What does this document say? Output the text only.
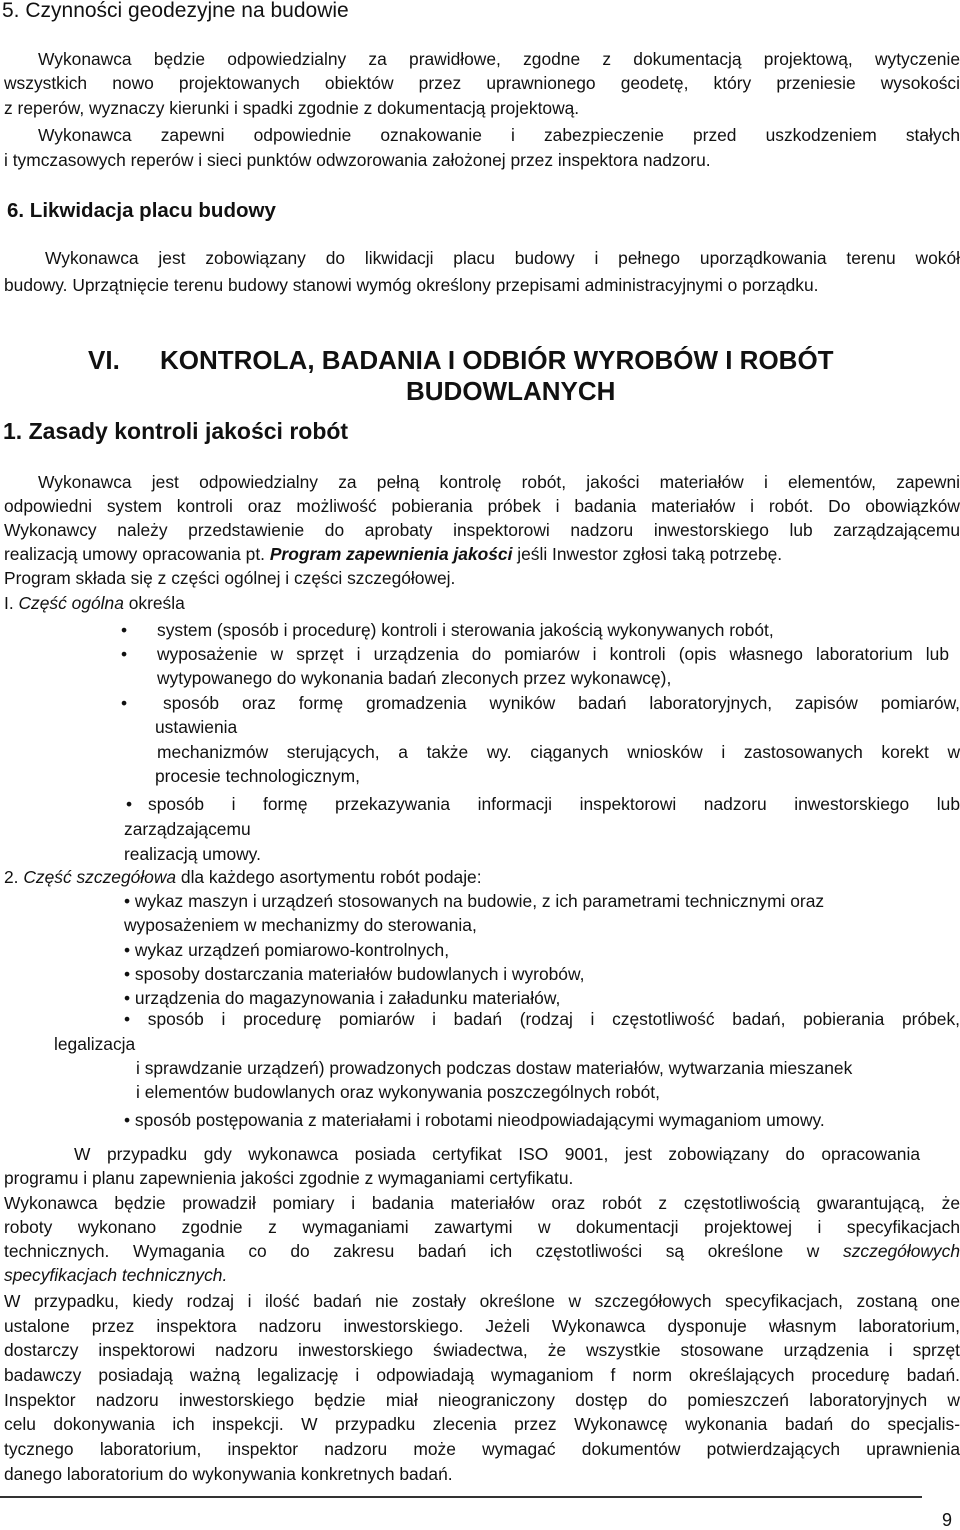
5. Czynności geodezyjne na budowie
Wykonawca będzie odpowiedzialny za prawidłowe, zgodne z dokumentacją projektową, wytyczenie
wszystkich nowo projektowanych obiektów przez uprawnionego geodetę, który przeniesie wysokości
z reperów, wyznaczy kierunki i spadki zgodnie z dokumentacją projektową.
Wykonawca zapewni odpowiednie oznakowanie i zabezpieczenie przed uszkodzeniem stałych
i tymczasowych reperów i sieci punktów odwzorowania założonej przez inspektora nadzoru.
6. Likwidacja placu budowy
Wykonawca jest zobowiązany do likwidacji placu budowy i pełnego uporządkowania terenu wokół
budowy. Uprzątnięcie terenu budowy stanowi wymóg określony przepisami administracyjnymi o porządku.
VI. KONTROLA, BADANIA I ODBIÓR WYROBÓW I ROBÓT
BUDOWLANYCH
1. Zasady kontroli jakości robót
Wykonawca jest odpowiedzialny za pełną kontrolę robót, jakości materiałów i elementów, zapewni
odpowiedni system kontroli oraz możliwość pobierania próbek i badania materiałów i robót. Do obowiązków
Wykonawcy należy przedstawienie do aprobaty inspektorowi nadzoru inwestorskiego lub zarządzającemu
realizacją umowy opracowania pt. Program zapewnienia jakości jeśli Inwestor zgłosi taką potrzebę.
Program składa się z części ogólnej i części szczegółowej.
I. Część ogólna określa
• system (sposób i procedurę) kontroli i sterowania jakością wykonywanych robót,
• wyposażenie w sprzęt i urządzenia do pomiarów i kontroli (opis własnego laboratorium lub
wytypowanego do wykonania badań zleconych przez wykonawcę),
• sposób oraz formę gromadzenia wyników badań laboratoryjnych, zapisów pomiarów,
ustawienia
mechanizmów sterujących, a także wy. ciąganych wniosków i zastosowanych korekt w
procesie technologicznym,
• sposób i formę przekazywania informacji inspektorowi nadzoru inwestorskiego lub
zarządzającemu
realizacją umowy.
2. Część szczegółowa dla każdego asortymentu robót podaje:
• wykaz maszyn i urządzeń stosowanych na budowie, z ich parametrami technicznymi oraz
wyposażeniem w mechanizmy do sterowania,
• wykaz urządzeń pomiarowo-kontrolnych,
• sposoby dostarczania materiałów budowlanych i wyrobów,
• urządzenia do magazynowania i załadunku materiałów,
• sposób i procedurę pomiarów i badań (rodzaj i częstotliwość badań, pobierania próbek,
legalizacja
i sprawdzanie urządzeń) prowadzonych podczas dostaw materiałów, wytwarzania mieszanek
i elementów budowlanych oraz wykonywania poszczególnych robót,
• sposób postępowania z materiałami i robotami nieodpowiadającymi wymaganiom umowy.
W przypadku gdy wykonawca posiada certyfikat ISO 9001, jest zobowiązany do opracowania
programu i planu zapewnienia jakości zgodnie z wymaganiami certyfikatu.
Wykonawca będzie prowadził pomiary i badania materiałów oraz robót z częstotliwością gwarantującą, że
roboty wykonano zgodnie z wymaganiami zawartymi w dokumentacji projektowej i specyfikacjach
technicznych. Wymagania co do zakresu badań ich częstotliwości są określone w szczegółowych
specyfikacjach technicznych.
W przypadku, kiedy rodzaj i ilość badań nie zostały określone w szczegółowych specyfikacjach, zostaną one
ustalone przez inspektora nadzoru inwestorskiego. Jeżeli Wykonawca dysponuje własnym laboratorium,
dostarczy inspektorowi nadzoru inwestorskiego świadectwa, że wszystkie stosowane urządzenia i sprzęt
badawczy posiadają ważną legalizację i odpowiadają wymaganiom f norm określających procedurę badań.
Inspektor nadzoru inwestorskiego będzie miał nieograniczony dostęp do pomieszczeń laboratoryjnych w
celu dokonywania ich inspekcji. W przypadku zlecenia przez Wykonawcę wykonania badań do specjalis-
tycznego laboratorium, inspektor nadzoru może wymagać dokumentów potwierdzających uprawnienia
danego laboratorium do wykonywania konkretnych badań.
9
